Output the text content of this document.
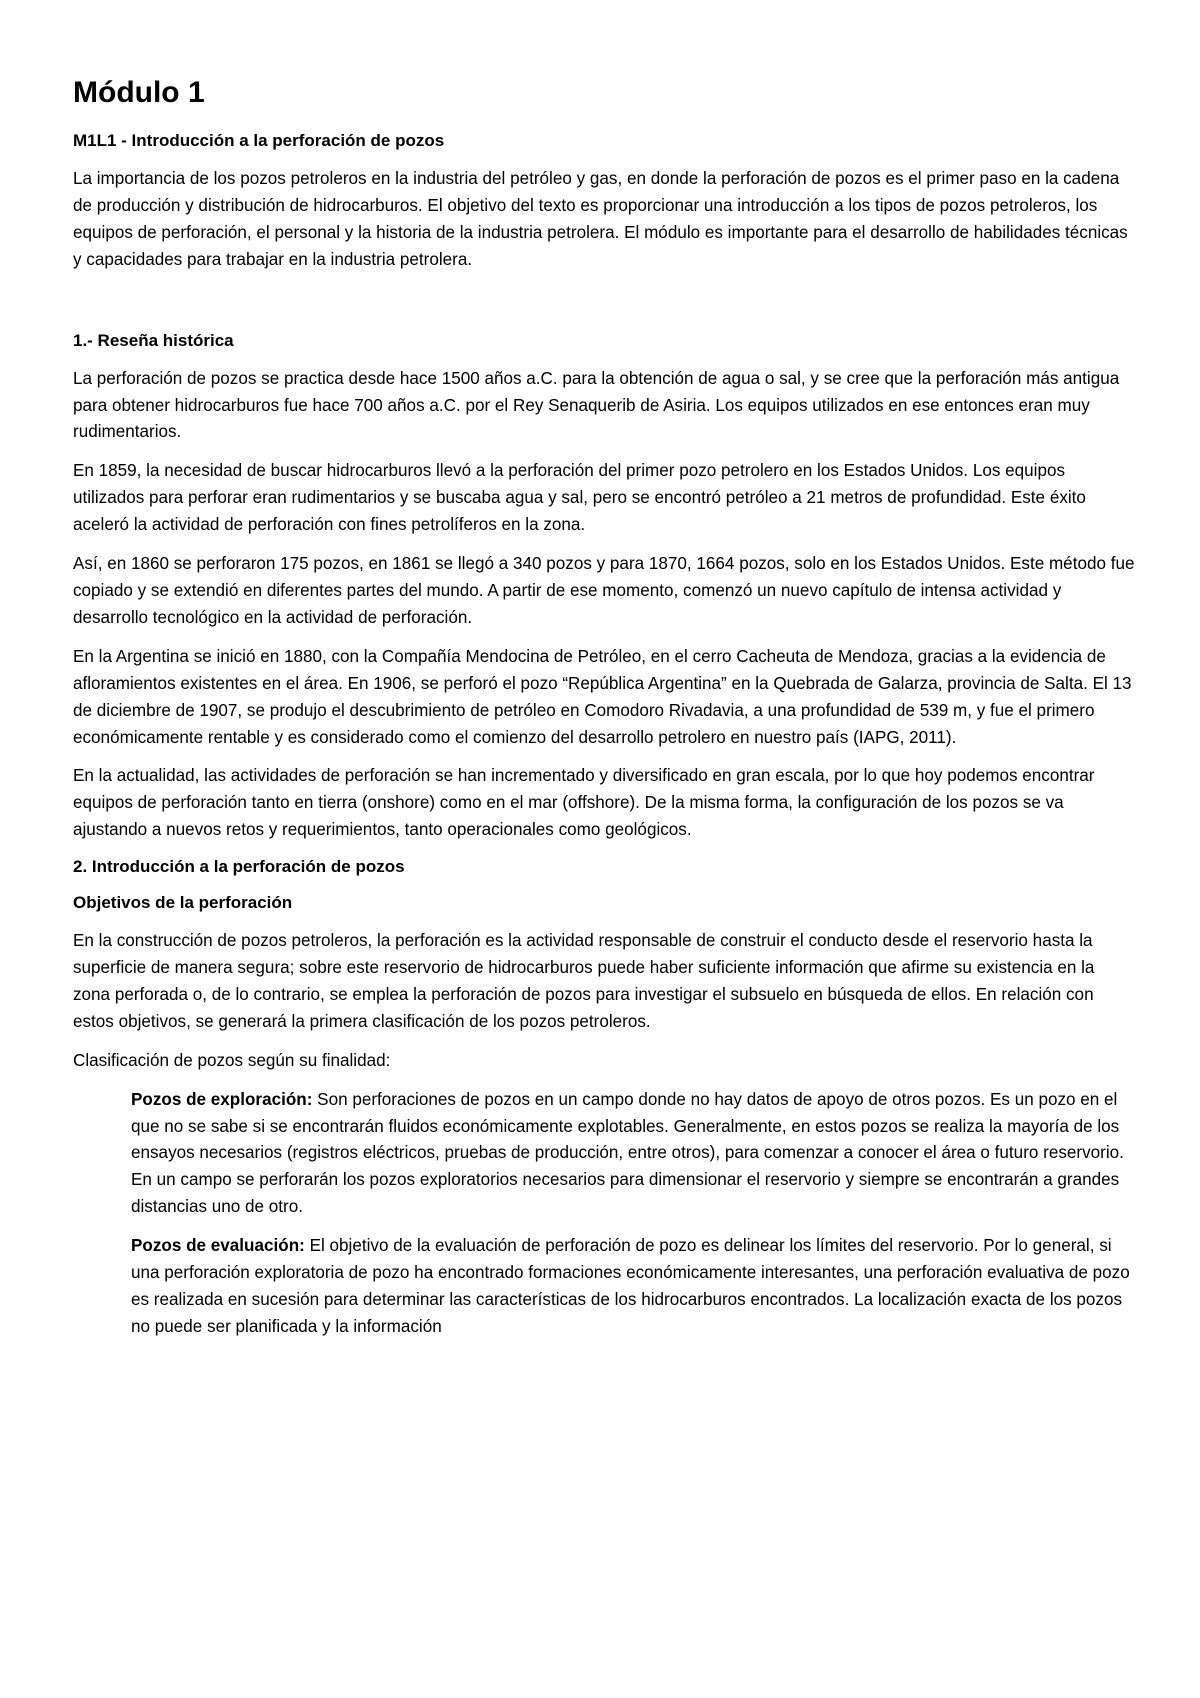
Módulo 1
M1L1 - Introducción a la perforación de pozos

La importancia de los pozos petroleros en la industria del petróleo y gas, en donde la perforación de pozos es el primer paso en la cadena de producción y distribución de hidrocarburos. El objetivo del texto es proporcionar una introducción a los tipos de pozos petroleros, los equipos de perforación, el personal y la historia de la industria petrolera. El módulo es importante para el desarrollo de habilidades técnicas y capacidades para trabajar en la industria petrolera.

1.- Reseña histórica

La perforación de pozos se practica desde hace 1500 años a.C. para la obtención de agua o sal, y se cree que la perforación más antigua para obtener hidrocarburos fue hace 700 años a.C. por el Rey Senaquerib de Asiria. Los equipos utilizados en ese entonces eran muy rudimentarios.

En 1859, la necesidad de buscar hidrocarburos llevó a la perforación del primer pozo petrolero en los Estados Unidos. Los equipos utilizados para perforar eran rudimentarios y se buscaba agua y sal, pero se encontró petróleo a 21 metros de profundidad. Este éxito aceleró la actividad de perforación con fines petrolíferos en la zona.

Así, en 1860 se perforaron 175 pozos, en 1861 se llegó a 340 pozos y para 1870, 1664 pozos, solo en los Estados Unidos. Este método fue copiado y se extendió en diferentes partes del mundo. A partir de ese momento, comenzó un nuevo capítulo de intensa actividad y desarrollo tecnológico en la actividad de perforación.

En la Argentina se inició en 1880, con la Compañía Mendocina de Petróleo, en el cerro Cacheuta de Mendoza, gracias a la evidencia de afloramientos existentes en el área. En 1906, se perforó el pozo “República Argentina” en la Quebrada de Galarza, provincia de Salta. El 13 de diciembre de 1907, se produjo el descubrimiento de petróleo en Comodoro Rivadavia, a una profundidad de 539 m, y fue el primero económicamente rentable y es considerado como el comienzo del desarrollo petrolero en nuestro país (IAPG, 2011).

En la actualidad, las actividades de perforación se han incrementado y diversificado en gran escala, por lo que hoy podemos encontrar equipos de perforación tanto en tierra (onshore) como en el mar (offshore). De la misma forma, la configuración de los pozos se va ajustando a nuevos retos y requerimientos, tanto operacionales como geológicos.

2. Introducción a la perforación de pozos
Objetivos de la perforación

En la construcción de pozos petroleros, la perforación es la actividad responsable de construir el conducto desde el reservorio hasta la superficie de manera segura; sobre este reservorio de hidrocarburos puede haber suficiente información que afirme su existencia en la zona perforada o, de lo contrario, se emplea la perforación de pozos para investigar el subsuelo en búsqueda de ellos. En relación con estos objetivos, se generará la primera clasificación de los pozos petroleros.

Clasificación de pozos según su finalidad:

Pozos de exploración: Son perforaciones de pozos en un campo donde no hay datos de apoyo de otros pozos. Es un pozo en el que no se sabe si se encontrarán fluidos económicamente explotables. Generalmente, en estos pozos se realiza la mayoría de los ensayos necesarios (registros eléctricos, pruebas de producción, entre otros), para comenzar a conocer el área o futuro reservorio. En un campo se perforarán los pozos exploratorios necesarios para dimensionar el reservorio y siempre se encontrarán a grandes distancias uno de otro.

Pozos de evaluación: El objetivo de la evaluación de perforación de pozo es delinear los límites del reservorio. Por lo general, si una perforación exploratoria de pozo ha encontrado formaciones económicamente interesantes, una perforación evaluativa de pozo es realizada en sucesión para determinar las características de los hidrocarburos encontrados. La localización exacta de los pozos no puede ser planificada y la información
